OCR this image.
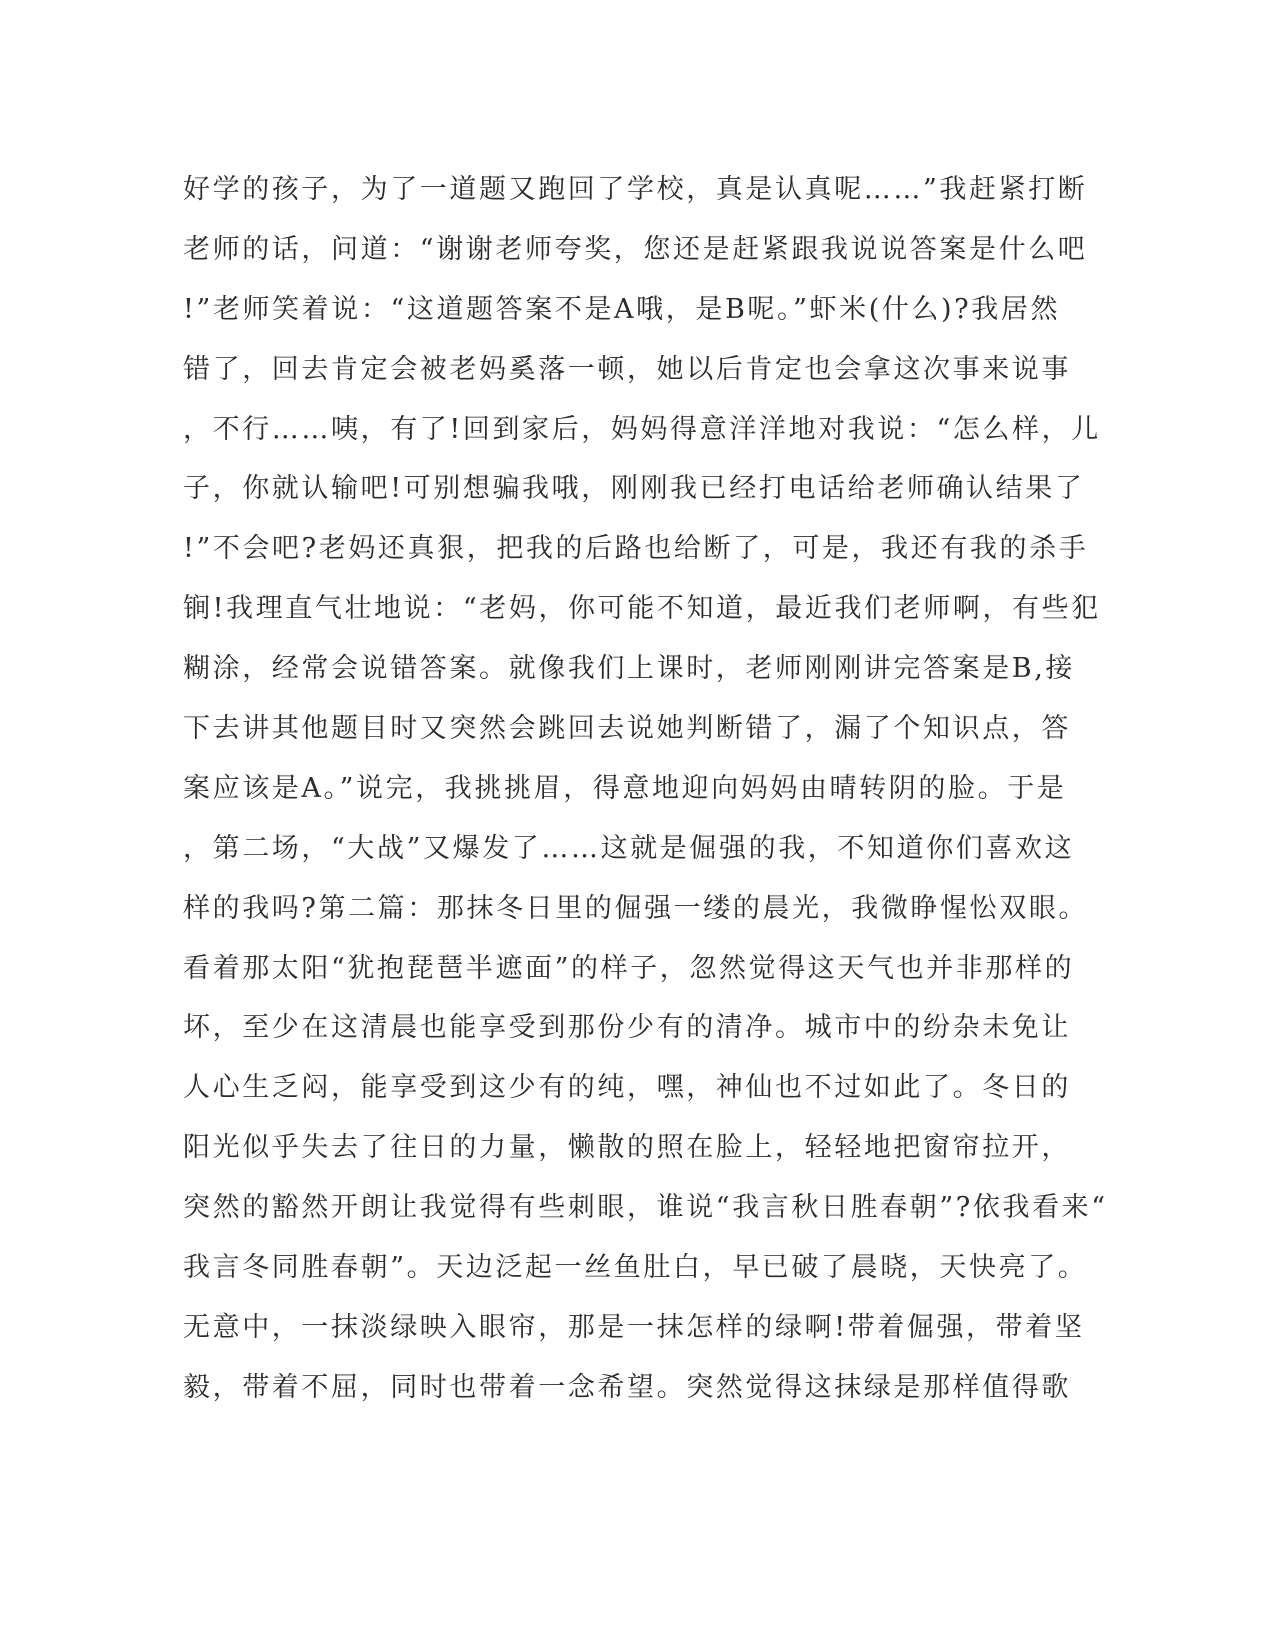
好学的孩子，为了一道题又跑回了学校，真是认真呢……”我赶紧打断
老师的话，问道：“谢谢老师夸奖，您还是赶紧跟我说说答案是什么吧
!”老师笑着说：“这道题答案不是A哦，是B呢。”虾米(什么)?我居然
错了，回去肯定会被老妈奚落一顿，她以后肯定也会拿这次事来说事
，不行……咦，有了!回到家后，妈妈得意洋洋地对我说：“怎么样，儿
子，你就认输吧!可别想骗我哦，刚刚我已经打电话给老师确认结果了
!”不会吧?老妈还真狠，把我的后路也给断了，可是，我还有我的杀手
锏!我理直气壮地说：“老妈，你可能不知道，最近我们老师啊，有些犯
糊涂，经常会说错答案。就像我们上课时，老师刚刚讲完答案是B,接
下去讲其他题目时又突然会跳回去说她判断错了，漏了个知识点，答
案应该是A。”说完，我挑挑眉，得意地迎向妈妈由晴转阴的脸。于是
，第二场，“大战”又爆发了……这就是倔强的我，不知道你们喜欢这
样的我吗?第二篇：那抹冬日里的倔强一缕的晨光，我微睁惺忪双眼。
看着那太阳“犹抱琵琶半遮面”的样子，忽然觉得这天气也并非那样的
坏，至少在这清晨也能享受到那份少有的清净。城市中的纷杂未免让
人心生乏闷，能享受到这少有的纯，嘿，神仙也不过如此了。冬日的
阳光似乎失去了往日的力量，懒散的照在脸上，轻轻地把窗帘拉开，
突然的豁然开朗让我觉得有些刺眼，谁说“我言秋日胜春朝”?依我看来“
我言冬同胜春朝”。天边泛起一丝鱼肚白，早已破了晨晓，天快亮了。
无意中，一抹淡绿映入眼帘，那是一抹怎样的绿啊!带着倔强，带着坚
毅，带着不屈，同时也带着一念希望。突然觉得这抹绿是那样值得歌
